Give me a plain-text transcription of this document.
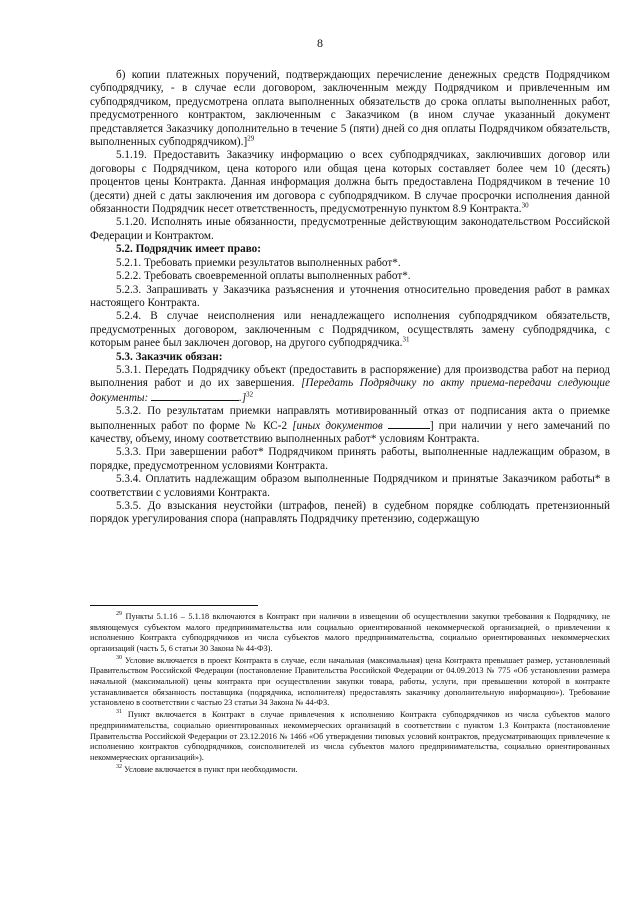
8

б) копии платежных поручений, подтверждающих перечисление денежных средств Подрядчиком субподрядчику, - в случае если договором, заключенным между Подрядчиком и привлеченным им субподрядчиком, предусмотрена оплата выполненных обязательств до срока оплаты выполненных работ, предусмотренного контрактом, заключенным с Заказчиком (в ином случае указанный документ представляется Заказчику дополнительно в течение 5 (пяти) дней со дня оплаты Подрядчиком обязательств, выполненных субподрядчиком).]$^{29}$

5.1.19. Предоставить Заказчику информацию о всех субподрядчиках, заключивших договор или договоры с Подрядчиком, цена которого или общая цена которых составляет более чем 10 (десять) процентов цены Контракта. Данная информация должна быть предоставлена Подрядчиком в течение 10 (десяти) дней с даты заключения им договора с субподрядчиком. В случае просрочки исполнения данной обязанности Подрядчик несет ответственность, предусмотренную пунктом 8.9 Контракта.$^{30}$

5.1.20. Исполнять иные обязанности, предусмотренные действующим законодательством Российской Федерации и Контрактом.

5.2. Подрядчик имеет право:

5.2.1. Требовать приемки результатов выполненных работ*.

5.2.2. Требовать своевременной оплаты выполненных работ*.

5.2.3. Запрашивать у Заказчика разъяснения и уточнения относительно проведения работ в рамках настоящего Контракта.

5.2.4. В случае неисполнения или ненадлежащего исполнения субподрядчиком обязательств, предусмотренных договором, заключенным с Подрядчиком, осуществлять замену субподрядчика, с которым ранее был заключен договор, на другого субподрядчика.$^{31}$

5.3. Заказчик обязан:

5.3.1. Передать Подрядчику объект (предоставить в распоряжение) для производства работ на период выполнения работ и до их завершения. [Передать Подрядчику по акту приема-передачи следующие документы:	.]$^{32}$

5.3.2. По результатам приемки направлять мотивированный отказ от подписания акта о приемке выполненных работ по форме № КС-2 [иных документов	] при наличии у него замечаний по качеству, объему, иному соответствию выполненных работ* условиям Контракта.

5.3.3. При завершении работ* Подрядчиком принять работы, выполненные надлежащим образом, в порядке, предусмотренном условиями Контракта.

5.3.4. Оплатить надлежащим образом выполненные Подрядчиком и принятые Заказчиком работы* в соответствии с условиями Контракта.

5.3.5. До взыскания неустойки (штрафов, пеней) в судебном порядке соблюдать претензионный порядок урегулирования спора (направлять Подрядчику претензию, содержащую

$^{29}$ Пункты 5.1.16 – 5.1.18 включаются в Контракт при наличии в извещении об осуществлении закупки требования к Подрядчику, не являющемуся субъектом малого предпринимательства или социально ориентированной некоммерческой организацией, о привлечении к исполнению Контракта субподрядчиков из числа субъектов малого предпринимательства, социально ориентированных некоммерческих организаций (часть 5, 6 статьи 30 Закона № 44-ФЗ).

$^{30}$ Условие включается в проект Контракта в случае, если начальная (максимальная) цена Контракта превышает размер, установленный Правительством Российской Федерации (постановление Правительства Российской Федерации от 04.09.2013 № 775 «Об установлении размера начальной (максимальной) цены контракта при осуществлении закупки товара, работы, услуги, при превышении которой в контракте устанавливается обязанность поставщика (подрядчика, исполнителя) предоставлять заказчику дополнительную информацию»). Требование установлено в соответствии с частью 23 статьи 34 Закона № 44-ФЗ.

$^{31}$ Пункт включается в Контракт в случае привлечения к исполнению Контракта субподрядчиков из числа субъектов малого предпринимательства, социально ориентированных некоммерческих организаций в соответствии с пунктом 1.3 Контракта (постановление Правительства Российской Федерации от 23.12.2016 № 1466 «Об утверждении типовых условий контрактов, предусматривающих привлечение к исполнению контрактов субподрядчиков, соисполнителей из числа субъектов малого предпринимательства, социально ориентированных некоммерческих организаций»).

$^{32}$ Условие включается в пункт при необходимости.
